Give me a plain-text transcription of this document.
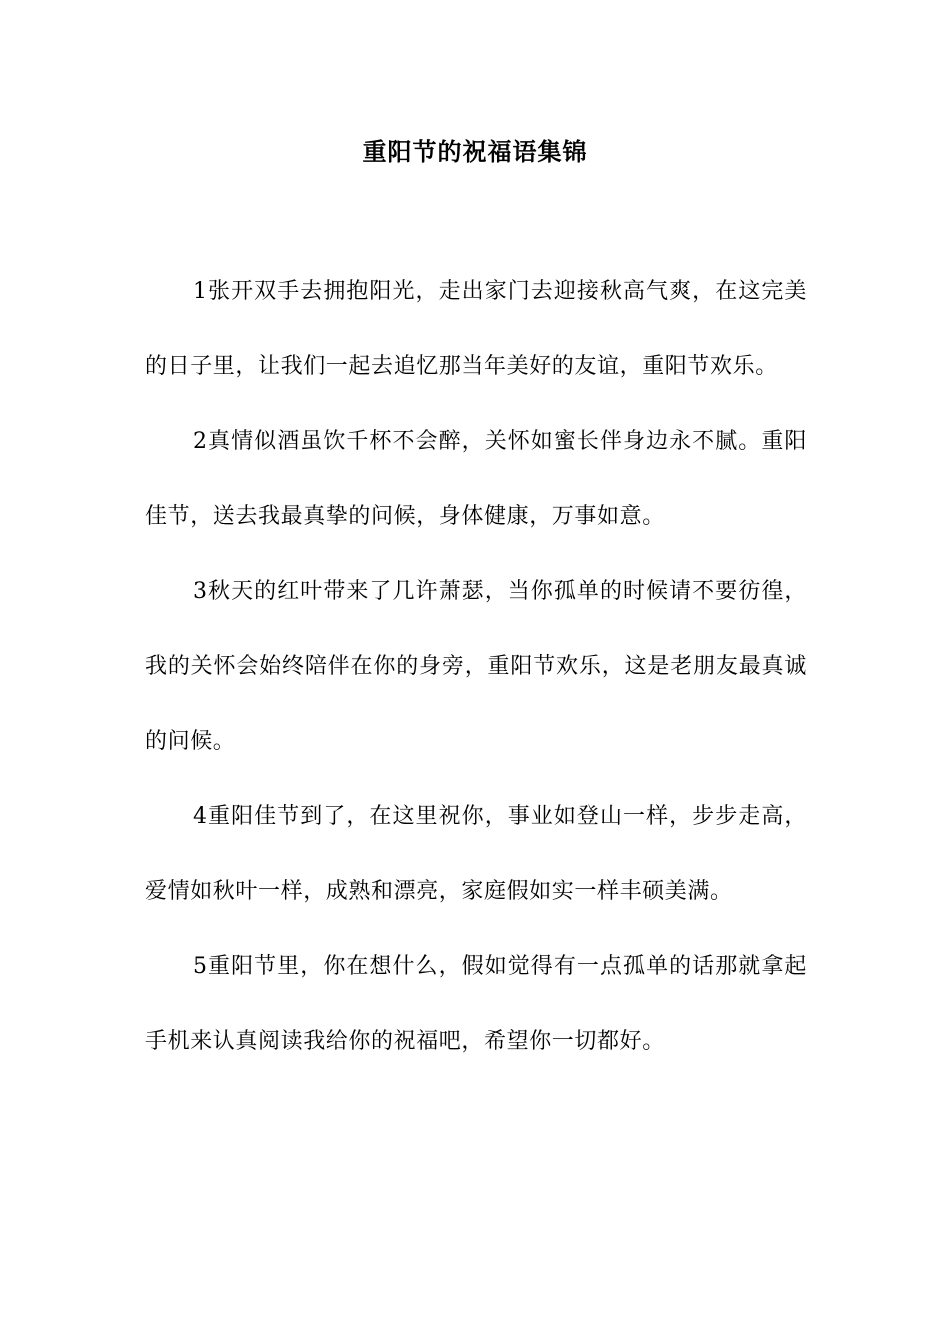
重阳节的祝福语集锦

1张开双手去拥抱阳光，走出家门去迎接秋高气爽，在这完美的日子里，让我们一起去追忆那当年美好的友谊，重阳节欢乐。

2真情似酒虽饮千杯不会醉，关怀如蜜长伴身边永不腻。重阳佳节，送去我最真挚的问候，身体健康，万事如意。

3秋天的红叶带来了几许萧瑟，当你孤单的时候请不要彷徨，我的关怀会始终陪伴在你的身旁，重阳节欢乐，这是老朋友最真诚的问候。

4重阳佳节到了，在这里祝你，事业如登山一样，步步走高，爱情如秋叶一样，成熟和漂亮，家庭假如实一样丰硕美满。

5重阳节里，你在想什么，假如觉得有一点孤单的话那就拿起手机来认真阅读我给你的祝福吧，希望你一切都好。
